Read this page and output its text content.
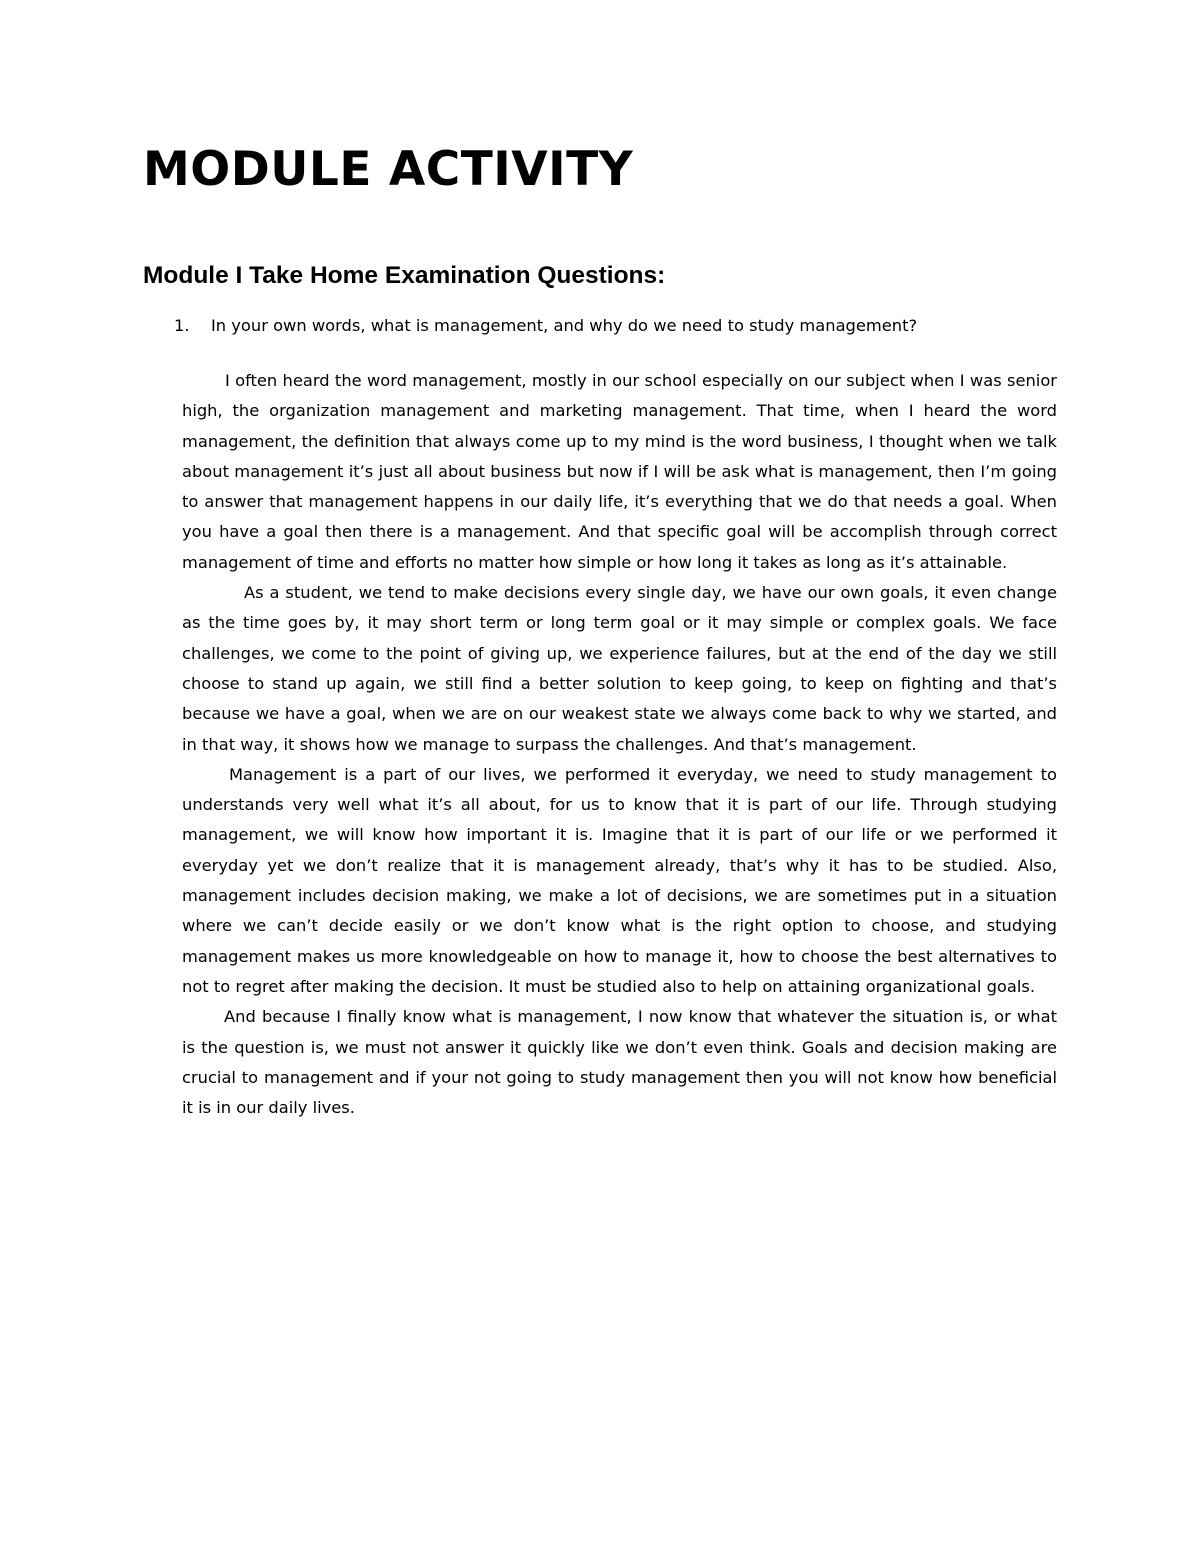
MODULE ACTIVITY
Module I Take Home Examination Questions:
1. In your own words, what is management, and why do we need to study management?

I often heard the word management, mostly in our school especially on our subject when I was senior high, the organization management and marketing management. That time, when I heard the word management, the definition that always come up to my mind is the word business, I thought when we talk about management it’s just all about business but now if I will be ask what is management, then I’m going to answer that management happens in our daily life, it’s everything that we do that needs a goal. When you have a goal then there is a management. And that specific goal will be accomplish through correct management of time and efforts no matter how simple or how long it takes as long as it’s attainable.

As a student, we tend to make decisions every single day, we have our own goals, it even change as the time goes by, it may short term or long term goal or it may simple or complex goals. We face challenges, we come to the point of giving up, we experience failures, but at the end of the day we still choose to stand up again, we still find a better solution to keep going, to keep on fighting and that’s because we have a goal, when we are on our weakest state we always come back to why we started, and in that way, it shows how we manage to surpass the challenges. And that’s management.

Management is a part of our lives, we performed it everyday, we need to study management to understands very well what it’s all about, for us to know that it is part of our life. Through studying management, we will know how important it is. Imagine that it is part of our life or we performed it everyday yet we don’t realize that it is management already, that’s why it has to be studied. Also, management includes decision making, we make a lot of decisions, we are sometimes put in a situation where we can’t decide easily or we don’t know what is the right option to choose, and studying management makes us more knowledgeable on how to manage it, how to choose the best alternatives to not to regret after making the decision. It must be studied also to help on attaining organizational goals.

And because I finally know what is management, I now know that whatever the situation is, or what is the question is, we must not answer it quickly like we don’t even think. Goals and decision making are crucial to management and if your not going to study management then you will not know how beneficial it is in our daily lives.
